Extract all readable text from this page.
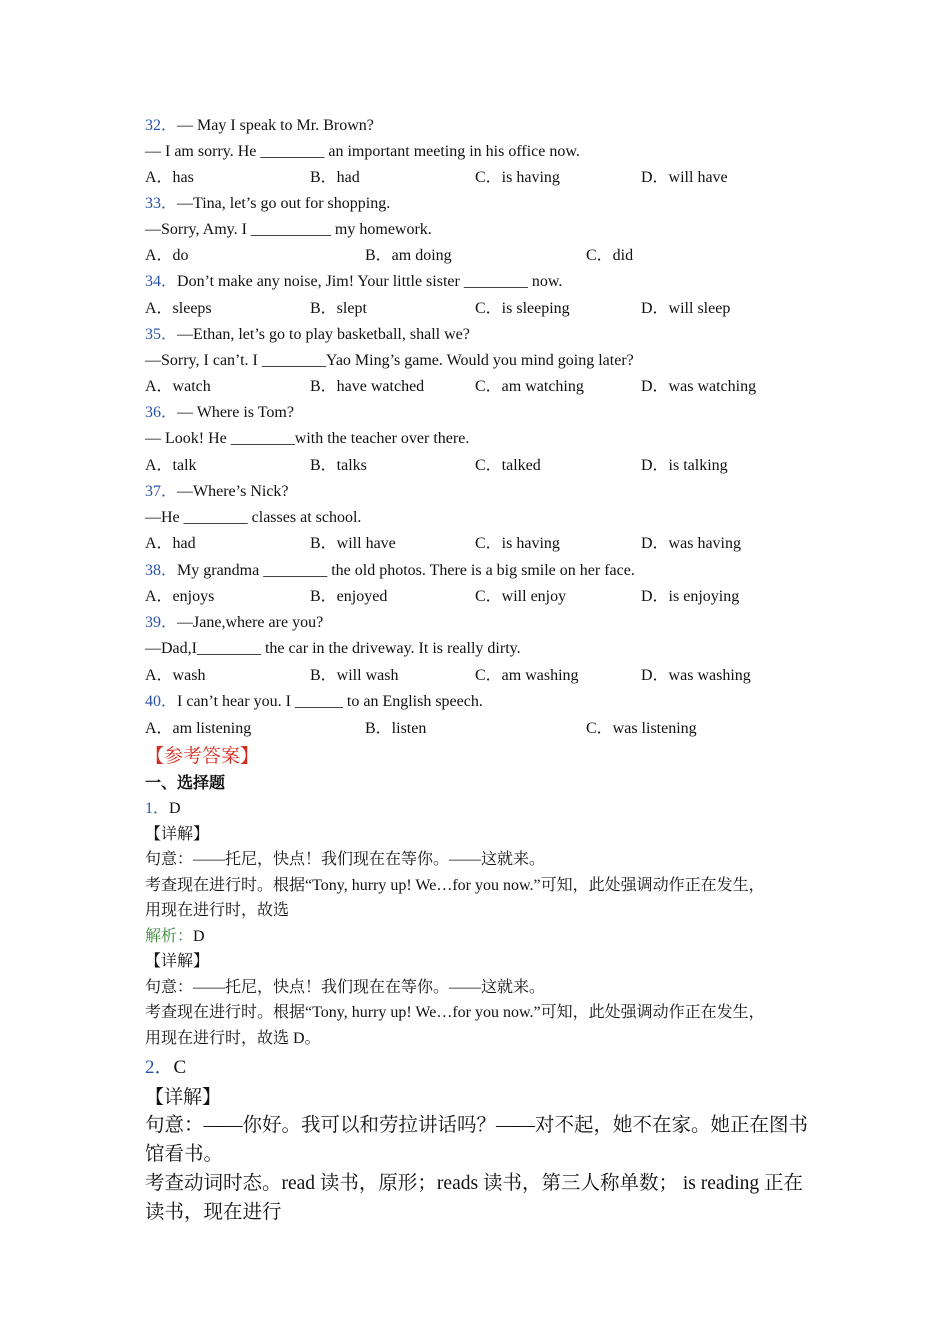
32．— May I speak to Mr. Brown?
— I am sorry. He ________ an important meeting in his office now.
A．has	B．had	C．is having	D．will have
33．—Tina, let’s go out for shopping.
—Sorry, Amy. I __________ my homework.
A．do	B．am doing	C．did
34．Don’t make any noise, Jim! Your little sister ________ now.
A．sleeps	B．slept	C．is sleeping	D．will sleep
35．—Ethan, let’s go to play basketball, shall we?
—Sorry, I can’t. I ________Yao Ming’s game. Would you mind going later?
A．watch	B．have watched	C．am watching	D．was watching
36．— Where is Tom?
— Look! He ________with the teacher over there.
A．talk	B．talks	C．talked	D．is talking
37．—Where’s Nick?
—He ________ classes at school.
A．had	B．will have	C．is having	D．was having
38．My grandma ________ the old photos. There is a big smile on her face.
A．enjoys	B．enjoyed	C．will enjoy	D．is enjoying
39．—Jane,where are you?
—Dad,I________ the car in the driveway. It is really dirty.
A．wash	B．will wash	C．am washing	D．was washing
40．I can’t hear you. I ______ to an English speech.
A．am listening	B．listen	C．was listening
【参考答案】
一、选择题
1．D
【详解】
句意：——托尼，快点！我们现在在等你。——这就来。
考查现在进行时。根据“Tony, hurry up! We…for you now.”可知，此处强调动作正在发生，
用现在进行时，故选
解析：D
【详解】
句意：——托尼，快点！我们现在在等你。——这就来。
考查现在进行时。根据“Tony, hurry up! We…for you now.”可知，此处强调动作正在发生，
用现在进行时，故选 D。
2．C
【详解】
句意：——你好。我可以和劳拉讲话吗？——对不起，她不在家。她正在图书
馆看书。
考查动词时态。read 读书，原形；reads 读书，第三人称单数； is reading 正在
读书，现在进行
